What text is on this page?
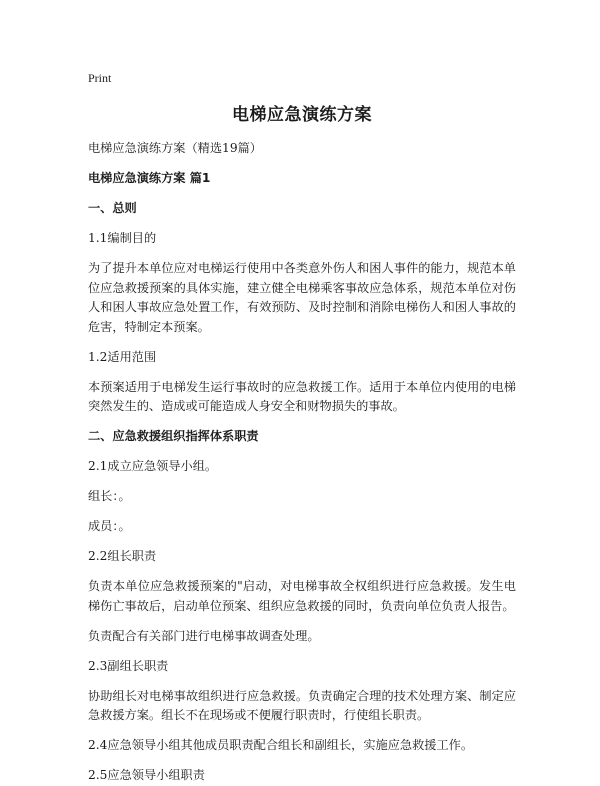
Print
电梯应急演练方案
电梯应急演练方案（精选19篇）
电梯应急演练方案 篇1
一、总则
1.1编制目的
为了提升本单位应对电梯运行使用中各类意外伤人和困人事件的能力，规范本单位应急救援预案的具体实施，建立健全电梯乘客事故应急体系，规范本单位对伤人和困人事故应急处置工作，有效预防、及时控制和消除电梯伤人和困人事故的危害，特制定本预案。
1.2适用范围
本预案适用于电梯发生运行事故时的应急救援工作。适用于本单位内使用的电梯突然发生的、造成或可能造成人身安全和财物损失的事故。
二、应急救援组织指挥体系职责
2.1成立应急领导小组。
组长：。
成员：。
2.2组长职责
负责本单位应急救援预案的"启动，对电梯事故全权组织进行应急救援。发生电梯伤亡事故后，启动单位预案、组织应急救援的同时，负责向单位负责人报告。
负责配合有关部门进行电梯事故调查处理。
2.3副组长职责
协助组长对电梯事故组织进行应急救援。负责确定合理的技术处理方案、制定应急救援方案。组长不在现场或不便履行职责时，行使组长职责。
2.4应急领导小组其他成员职责配合组长和副组长，实施应急救援工作。
2.5应急领导小组职责
